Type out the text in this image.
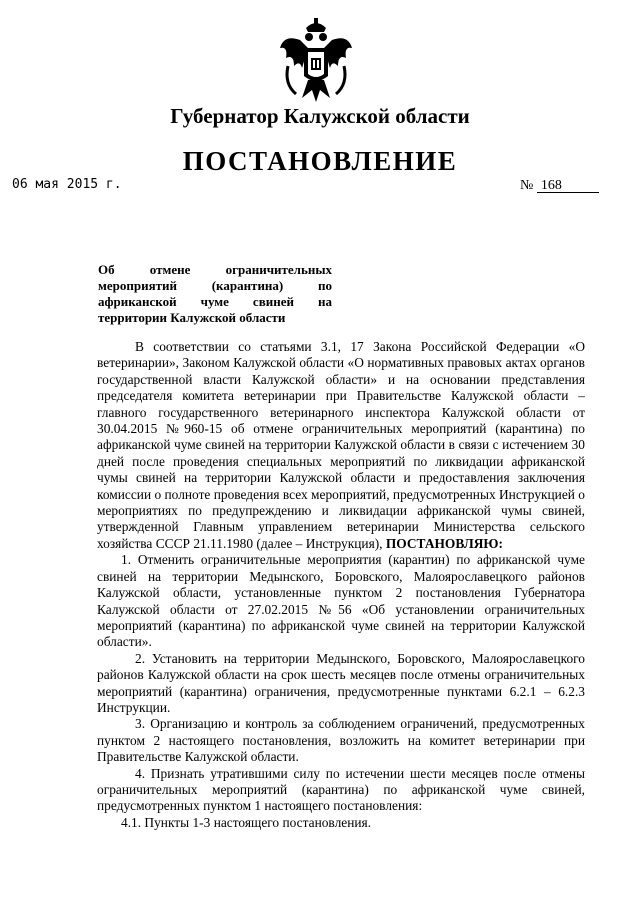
Губернатор Калужской области
ПОСТАНОВЛЕНИЕ
06 мая 2015 г.	№ 168
Об отмене ограничительных
мероприятий (карантина) по
африканской чуме свиней на
территории Калужской области

В соответствии со статьями 3.1, 17 Закона Российской Федерации «О ветеринарии», Законом Калужской области «О нормативных правовых актах органов государственной власти Калужской области» и на основании представления председателя комитета ветеринарии при Правительстве Калужской области – главного государственного ветеринарного инспектора Калужской области от 30.04.2015 №960-15 об отмене ограничительных мероприятий (карантина) по африканской чуме свиней на территории Калужской области в связи с истечением 30 дней после проведения специальных мероприятий по ликвидации африканской чумы свиней на территории Калужской области и предоставления заключения комиссии о полноте проведения всех мероприятий, предусмотренных Инструкцией о мероприятиях по предупреждению и ликвидации африканской чумы свиней, утвержденной Главным управлением ветеринарии Министерства сельского хозяйства СССР 21.11.1980 (далее – Инструкция), ПОСТАНОВЛЯЮ:

1. Отменить ограничительные мероприятия (карантин) по африканской чуме свиней на территории Медынского, Боровского, Малоярославецкого районов Калужской области, установленные пунктом 2 постановления Губернатора Калужской области от 27.02.2015 №56 «Об установлении ограничительных мероприятий (карантина) по африканской чуме свиней на территории Калужской области».

2. Установить на территории Медынского, Боровского, Малоярославецкого районов Калужской области на срок шесть месяцев после отмены ограничительных мероприятий (карантина) ограничения, предусмотренные пунктами 6.2.1 – 6.2.3 Инструкции.

3. Организацию и контроль за соблюдением ограничений, предусмотренных пунктом 2 настоящего постановления, возложить на комитет ветеринарии при Правительстве Калужской области.

4. Признать утратившими силу по истечении шести месяцев после отмены ограничительных мероприятий (карантина) по африканской чуме свиней, предусмотренных пунктом 1 настоящего постановления:

4.1. Пункты 1-3 настоящего постановления.
